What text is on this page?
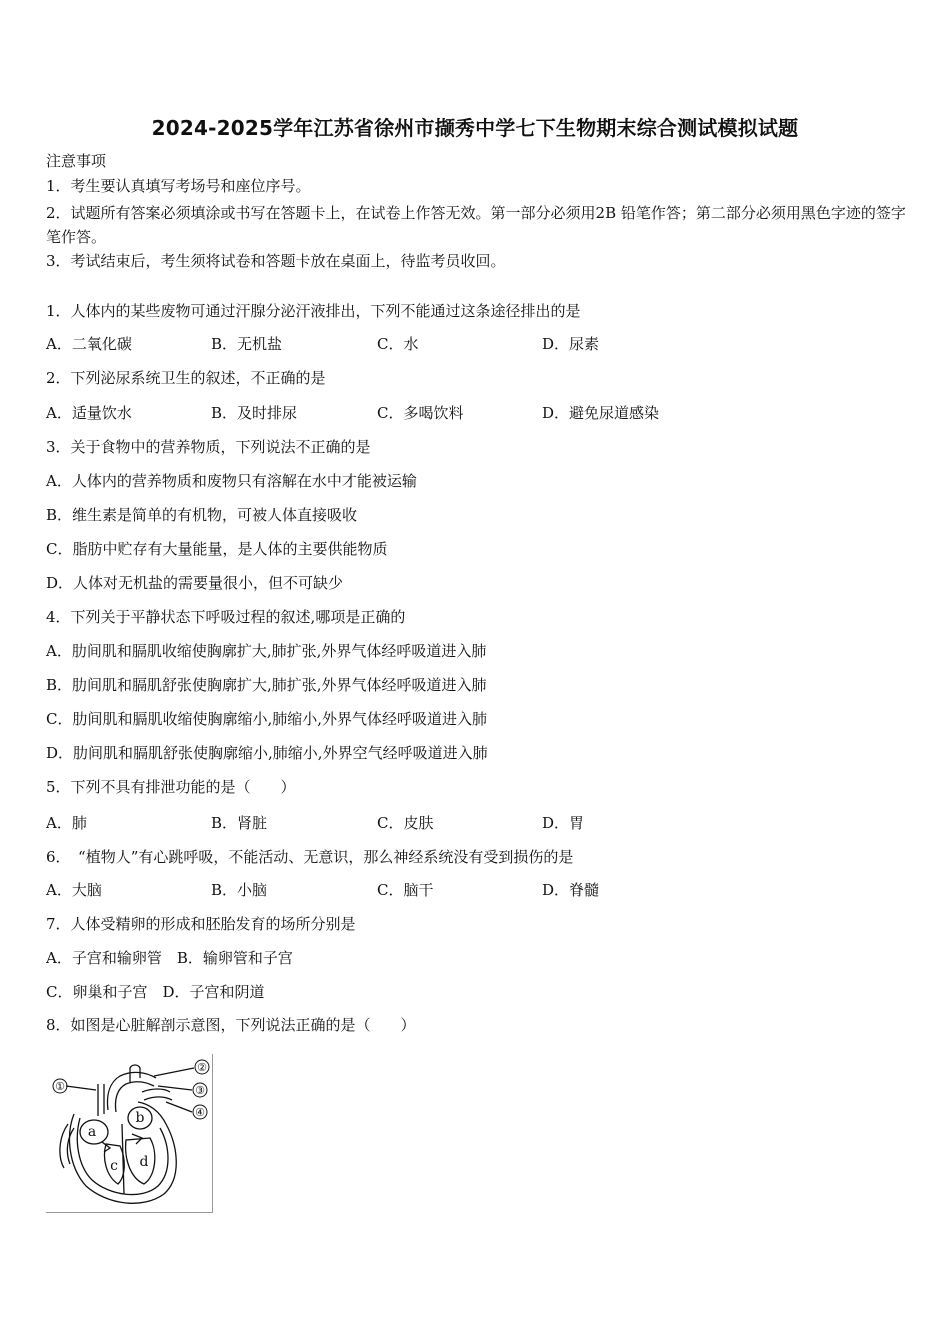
2024-2025学年江苏省徐州市撷秀中学七下生物期末综合测试模拟试题
注意事项
1．考生要认真填写考场号和座位序号。
2．试题所有答案必须填涂或书写在答题卡上，在试卷上作答无效。第一部分必须用2B 铅笔作答；第二部分必须用黑色字迹的签字笔作答。
3．考试结束后，考生须将试卷和答题卡放在桌面上，待监考员收回。
1．人体内的某些废物可通过汗腺分泌汗液排出，下列不能通过这条途径排出的是
A．二氧化碳	B．无机盐	C．水	D．尿素
2．下列泌尿系统卫生的叙述，不正确的是
A．适量饮水	B．及时排尿	C．多喝饮料	D．避免尿道感染
3．关于食物中的营养物质，下列说法不正确的是
A．人体内的营养物质和废物只有溶解在水中才能被运输
B．维生素是简单的有机物，可被人体直接吸收
C．脂肪中贮存有大量能量，是人体的主要供能物质
D．人体对无机盐的需要量很小，但不可缺少
4．下列关于平静状态下呼吸过程的叙述,哪项是正确的
A．肋间肌和膈肌收缩使胸廓扩大,肺扩张,外界气体经呼吸道进入肺
B．肋间肌和膈肌舒张使胸廓扩大,肺扩张,外界气体经呼吸道进入肺
C．肋间肌和膈肌收缩使胸廓缩小,肺缩小,外界气体经呼吸道进入肺
D．肋间肌和膈肌舒张使胸廓缩小,肺缩小,外界空气经呼吸道进入肺
5．下列不具有排泄功能的是（　　）
A．肺	B．肾脏	C．皮肤	D．胃
6．　“植物人”有心跳呼吸，不能活动、无意识，那么神经系统没有受到损伤的是
A．大脑	B．小脑	C．脑干	D．脊髓
7．人体受精卵的形成和胚胎发育的场所分别是
A．子宫和输卵管　B．输卵管和子宫
C．卵巢和子宫　D．子宫和阴道
8．如图是心脏解剖示意图，下列说法正确的是（　　）
①
②
③
④
a
b
c d
